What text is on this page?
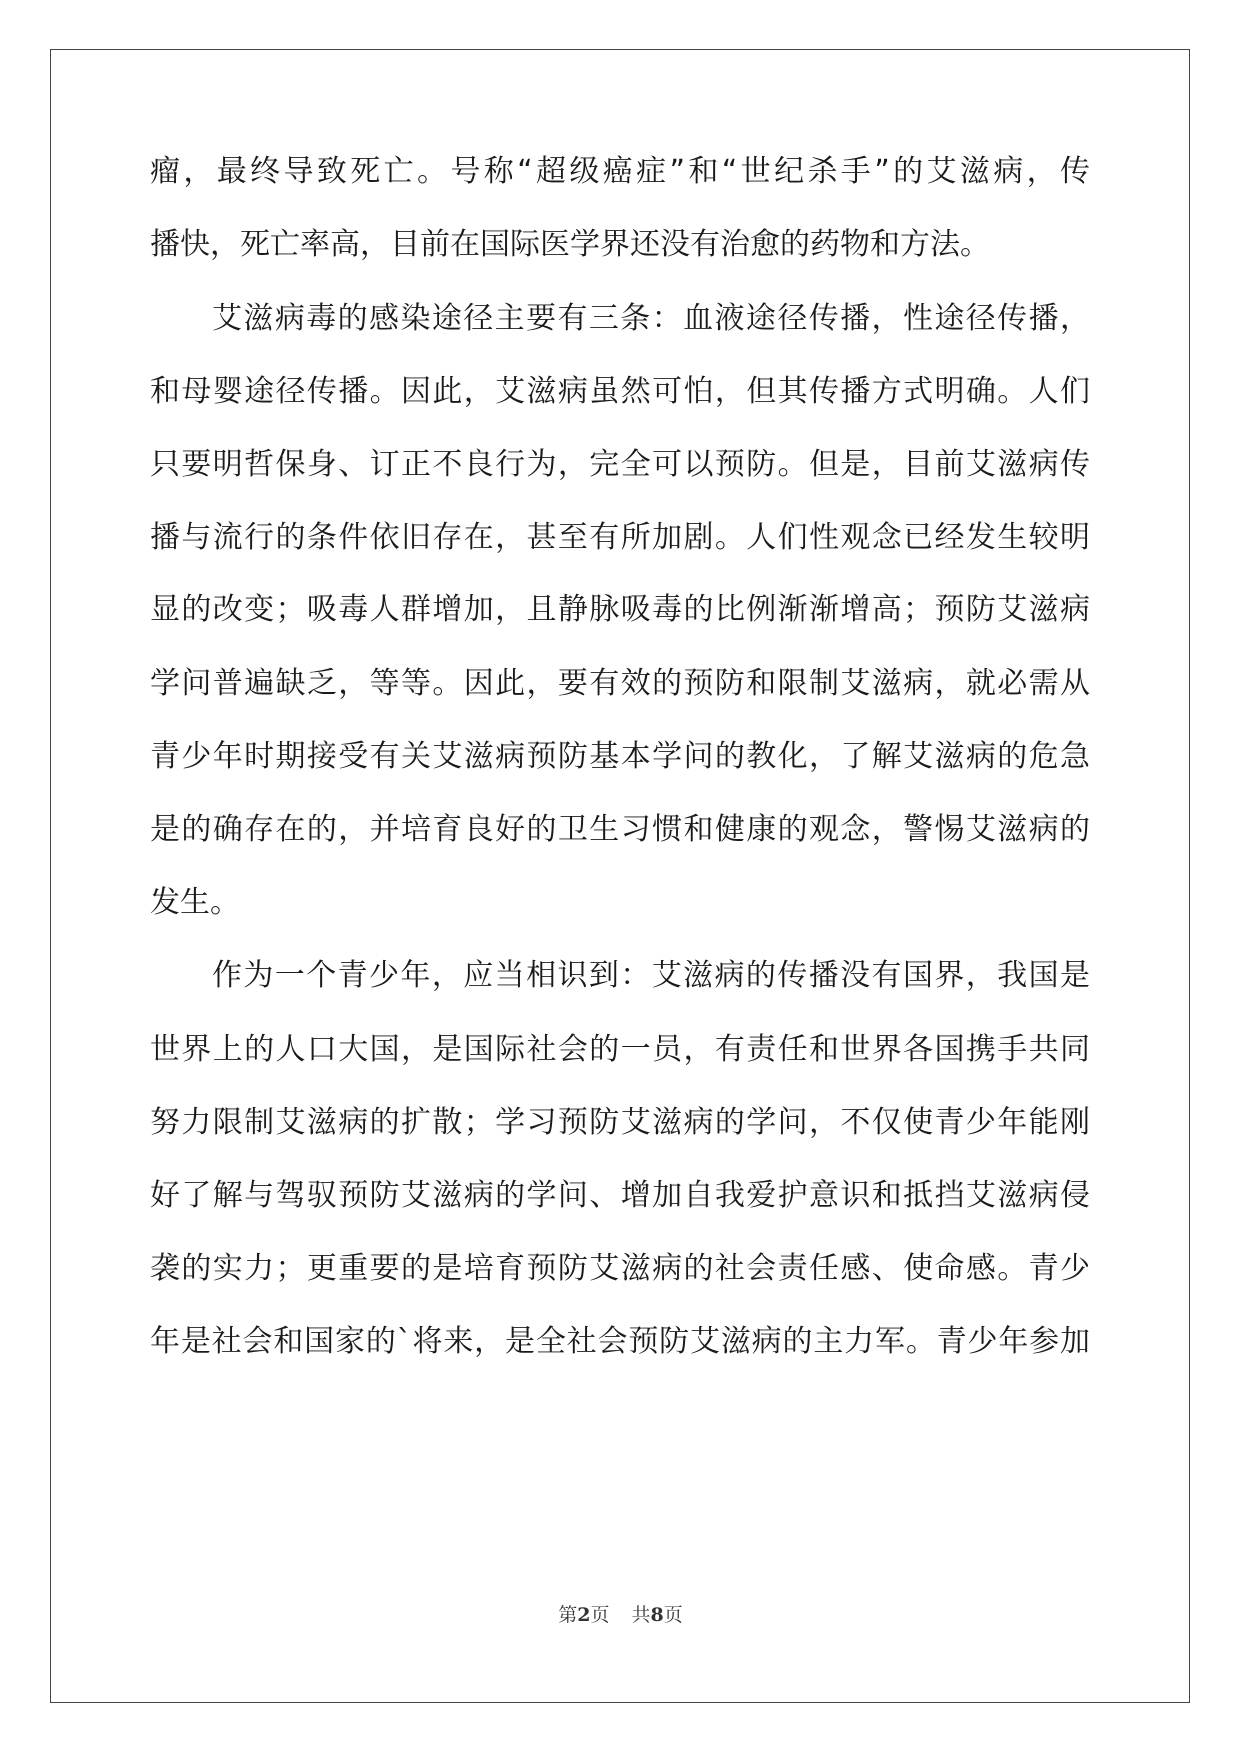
瘤，最终导致死亡。号称“超级癌症”和“世纪杀手”的艾滋病，传
播快，死亡率高，目前在国际医学界还没有治愈的药物和方法。
艾滋病毒的感染途径主要有三条：血液途径传播，性途径传播，
和母婴途径传播。因此，艾滋病虽然可怕，但其传播方式明确。人们
只要明哲保身、订正不良行为，完全可以预防。但是，目前艾滋病传
播与流行的条件依旧存在，甚至有所加剧。人们性观念已经发生较明
显的改变；吸毒人群增加，且静脉吸毒的比例渐渐增高；预防艾滋病
学问普遍缺乏，等等。因此，要有效的预防和限制艾滋病，就必需从
青少年时期接受有关艾滋病预防基本学问的教化，了解艾滋病的危急
是的确存在的，并培育良好的卫生习惯和健康的观念，警惕艾滋病的
发生。
作为一个青少年，应当相识到：艾滋病的传播没有国界，我国是
世界上的人口大国，是国际社会的一员，有责任和世界各国携手共同
努力限制艾滋病的扩散；学习预防艾滋病的学问，不仅使青少年能刚
好了解与驾驭预防艾滋病的学问、增加自我爱护意识和抵挡艾滋病侵
袭的实力；更重要的是培育预防艾滋病的社会责任感、使命感。青少
年是社会和国家的`将来，是全社会预防艾滋病的主力军。青少年参加
第2页 共8页
